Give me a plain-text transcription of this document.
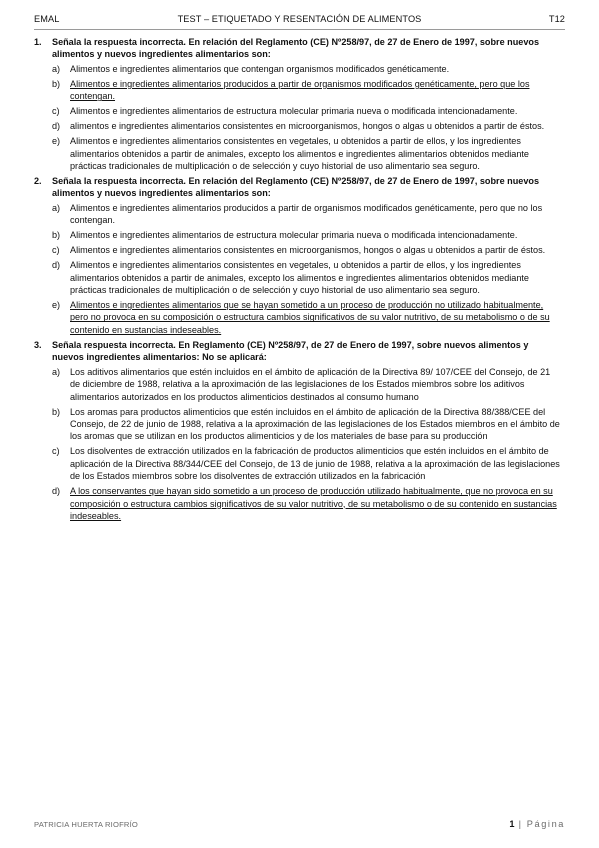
EMAL	TEST – ETIQUETADO Y RESENTACIÓN DE ALIMENTOS	T12
1. Señala la respuesta incorrecta. En relación del Reglamento (CE) Nº258/97, de 27 de Enero de 1997, sobre nuevos alimentos y nuevos ingredientes alimentarios son:
a) Alimentos e ingredientes alimentarios que contengan organismos modificados genéticamente.
b) Alimentos e ingredientes alimentarios producidos a partir de organismos modificados genéticamente, pero que los contengan.
c) Alimentos e ingredientes alimentarios de estructura molecular primaria nueva o modificada intencionadamente.
d) alimentos e ingredientes alimentarios consistentes en microorganismos, hongos o algas u obtenidos a partir de éstos.
e) Alimentos e ingredientes alimentarios consistentes en vegetales, u obtenidos a partir de ellos, y los ingredientes alimentarios obtenidos a partir de animales, excepto los alimentos e ingredientes alimentarios obtenidos mediante prácticas tradicionales de multiplicación o de selección y cuyo historial de uso alimentario sea seguro.
2. Señala la respuesta incorrecta. En relación del Reglamento (CE) Nº258/97, de 27 de Enero de 1997, sobre nuevos alimentos y nuevos ingredientes alimentarios son:
a) Alimentos e ingredientes alimentarios producidos a partir de organismos modificados genéticamente, pero que no los contengan.
b) Alimentos e ingredientes alimentarios de estructura molecular primaria nueva o modificada intencionadamente.
c) Alimentos e ingredientes alimentarios consistentes en microorganismos, hongos o algas u obtenidos a partir de éstos.
d) Alimentos e ingredientes alimentarios consistentes en vegetales, u obtenidos a partir de ellos, y los ingredientes alimentarios obtenidos a partir de animales, excepto los alimentos e ingredientes alimentarios obtenidos mediante prácticas tradicionales de multiplicación o de selección y cuyo historial de uso alimentario sea seguro.
e) Alimentos e ingredientes alimentarios que se hayan sometido a un proceso de producción no utilizado habitualmente, pero no provoca en su composición o estructura cambios significativos de su valor nutritivo, de su metabolismo o de su contenido en sustancias indeseables.
3. Señala respuesta incorrecta. En Reglamento (CE) Nº258/97, de 27 de Enero de 1997, sobre nuevos alimentos y nuevos ingredientes alimentarios: No se aplicará:
a) Los aditivos alimentarios que estén incluidos en el ámbito de aplicación de la Directiva 89/ 107/CEE del Consejo, de 21 de diciembre de 1988, relativa a la aproximación de las legislaciones de los Estados miembros sobre los aditivos alimentarios autorizados en los productos alimenticios destinados al consumo humano
b) Los aromas para productos alimenticios que estén incluidos en el ámbito de aplicación de la Directiva 88/388/CEE del Consejo, de 22 de junio de 1988, relativa a la aproximación de las legislaciones de los Estados miembros en el ámbito de los aromas que se utilizan en los productos alimenticios y de los materiales de base para su producción
c) Los disolventes de extracción utilizados en la fabricación de productos alimenticios que estén incluidos en el ámbito de aplicación de la Directiva 88/344/CEE del Consejo, de 13 de junio de 1988, relativa a la aproximación de las legislaciones de los Estados miembros sobre los disolventes de extracción utilizados en la fabricación
d) A los conservantes que hayan sido sometido a un proceso de producción utilizado habitualmente, que no provoca en su composición o estructura cambios significativos de su valor nutritivo, de su metabolismo o de su contenido en sustancias indeseables.
PATRICIA HUERTA RIOFRÍO	1 | Página
